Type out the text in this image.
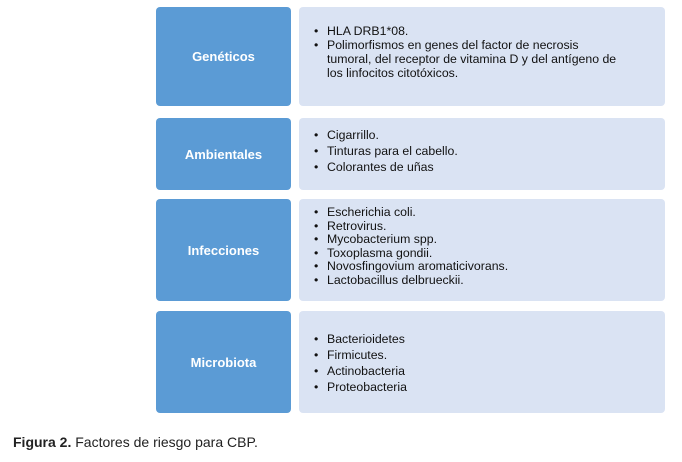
Genéticos
• HLA DRB1*08.
• Polimorfismos en genes del factor de necrosis tumoral, del receptor de vitamina D y del antígeno de los linfocitos citotóxicos.
Ambientales
• Cigarrillo.
• Tinturas para el cabello.
• Colorantes de uñas
Infecciones
• Escherichia coli.
• Retrovirus.
• Mycobacterium spp.
• Toxoplasma gondii.
• Novosfingovium aromaticivorans.
• Lactobacillus delbrueckii.
Microbiota
• Bacterioidetes
• Firmicutes.
• Actinobacteria
• Proteobacteria
Figura 2. Factores de riesgo para CBP.
